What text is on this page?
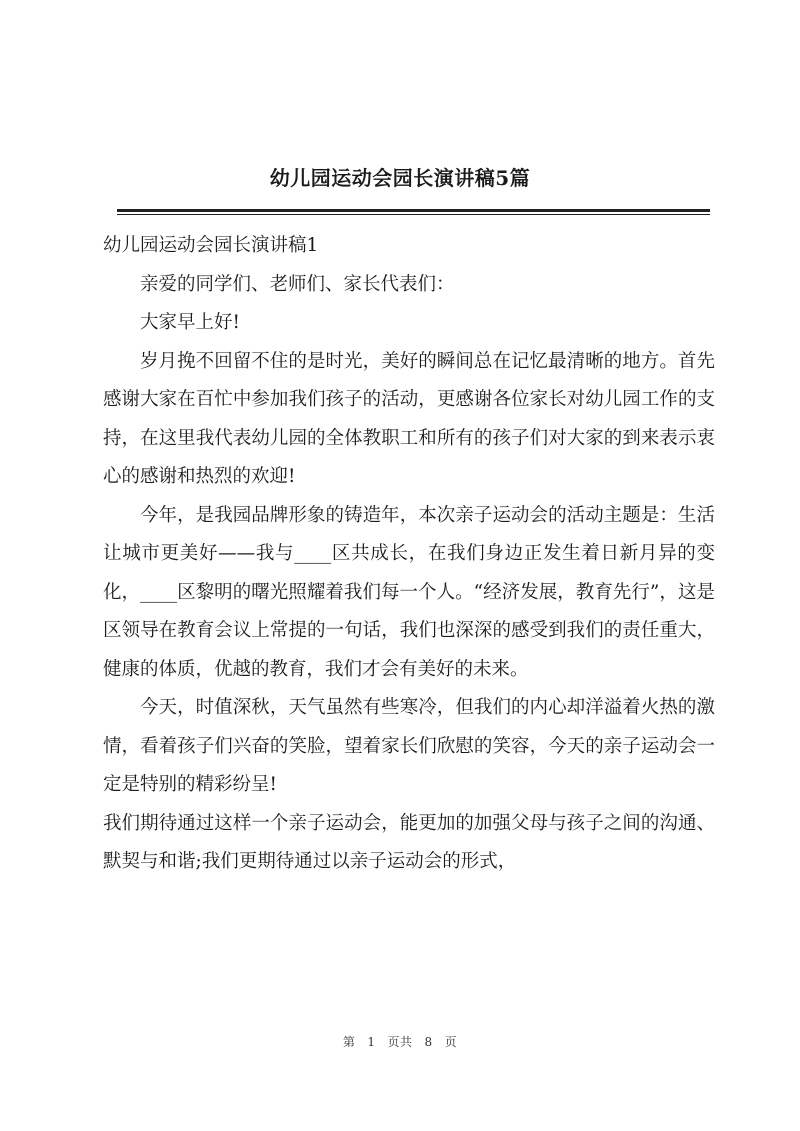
幼儿园运动会园长演讲稿5篇

幼儿园运动会园长演讲稿1

亲爱的同学们、老师们、家长代表们：

大家早上好!

岁月挽不回留不住的是时光，美好的瞬间总在记忆最清晰的地方。首先感谢大家在百忙中参加我们孩子的活动，更感谢各位家长对幼儿园工作的支持，在这里我代表幼儿园的全体教职工和所有的孩子们对大家的到来表示衷心的感谢和热烈的欢迎!

今年，是我园品牌形象的铸造年，本次亲子运动会的活动主题是：生活让城市更美好——我与____区共成长，在我们身边正发生着日新月异的变化，____区黎明的曙光照耀着我们每一个人。“经济发展，教育先行”，这是区领导在教育会议上常提的一句话，我们也深深的感受到我们的责任重大，健康的体质，优越的教育，我们才会有美好的未来。

今天，时值深秋，天气虽然有些寒冷，但我们的内心却洋溢着火热的激情，看着孩子们兴奋的笑脸，望着家长们欣慰的笑容，今天的亲子运动会一定是特别的精彩纷呈!

我们期待通过这样一个亲子运动会，能更加的加强父母与孩子之间的沟通、默契与和谐;我们更期待通过以亲子运动会的形式，

第 1 页共 8 页
